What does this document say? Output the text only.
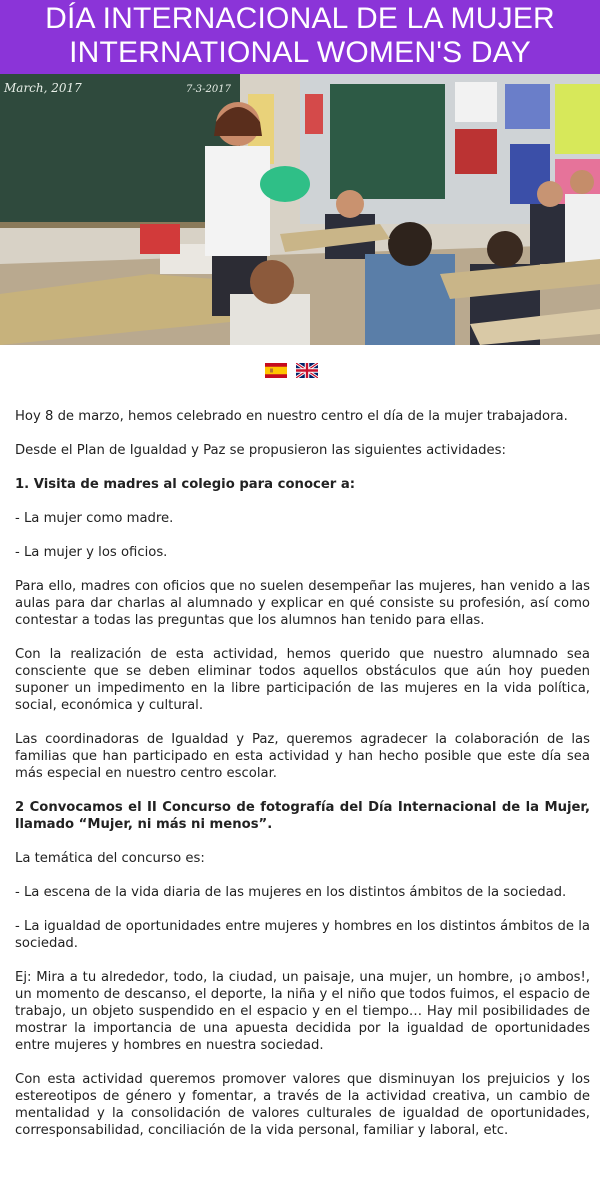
DÍA INTERNACIONAL DE LA MUJER
INTERNATIONAL WOMEN'S DAY
March, 2017	7-3-2017

Hoy 8 de marzo, hemos celebrado en nuestro centro el día de la mujer trabajadora.

Desde el Plan de Igualdad y Paz se propusieron las siguientes actividades:

1. Visita de madres al colegio para conocer a:

- La mujer como madre.

- La mujer y los oficios.

Para ello, madres con oficios que no suelen desempeñar las mujeres, han venido a las aulas para dar charlas al alumnado y explicar en qué consiste su profesión, así como contestar a todas las preguntas que los alumnos han tenido para ellas.

Con la realización de esta actividad, hemos querido que nuestro alumnado sea consciente que se deben eliminar todos aquellos obstáculos que aún hoy pueden suponer un impedimento en la libre participación de las mujeres en la vida política, social, económica y cultural.

Las coordinadoras de Igualdad y Paz, queremos agradecer la colaboración de las familias que han participado en esta actividad y han hecho posible que este día sea más especial en nuestro centro escolar.

2 Convocamos el II Concurso de fotografía del Día Internacional de la Mujer, llamado “Mujer, ni más ni menos”.

La temática del concurso es:

- La escena de la vida diaria de las mujeres en los distintos ámbitos de la sociedad.

- La igualdad de oportunidades entre mujeres y hombres en los distintos ámbitos de la sociedad.

Ej: Mira a tu alrededor, todo, la ciudad, un paisaje, una mujer, un hombre, ¡o ambos!, un momento de descanso, el deporte, la niña y el niño que todos fuimos, el espacio de trabajo, un objeto suspendido en el espacio y en el tiempo… Hay mil posibilidades de mostrar la importancia de una apuesta decidida por la igualdad de oportunidades entre mujeres y hombres en nuestra sociedad.

Con esta actividad queremos promover valores que disminuyan los prejuicios y los estereotipos de género y fomentar, a través de la actividad creativa, un cambio de mentalidad y la consolidación de valores culturales de igualdad de oportunidades, corresponsabilidad, conciliación de la vida personal, familiar y laboral, etc.
